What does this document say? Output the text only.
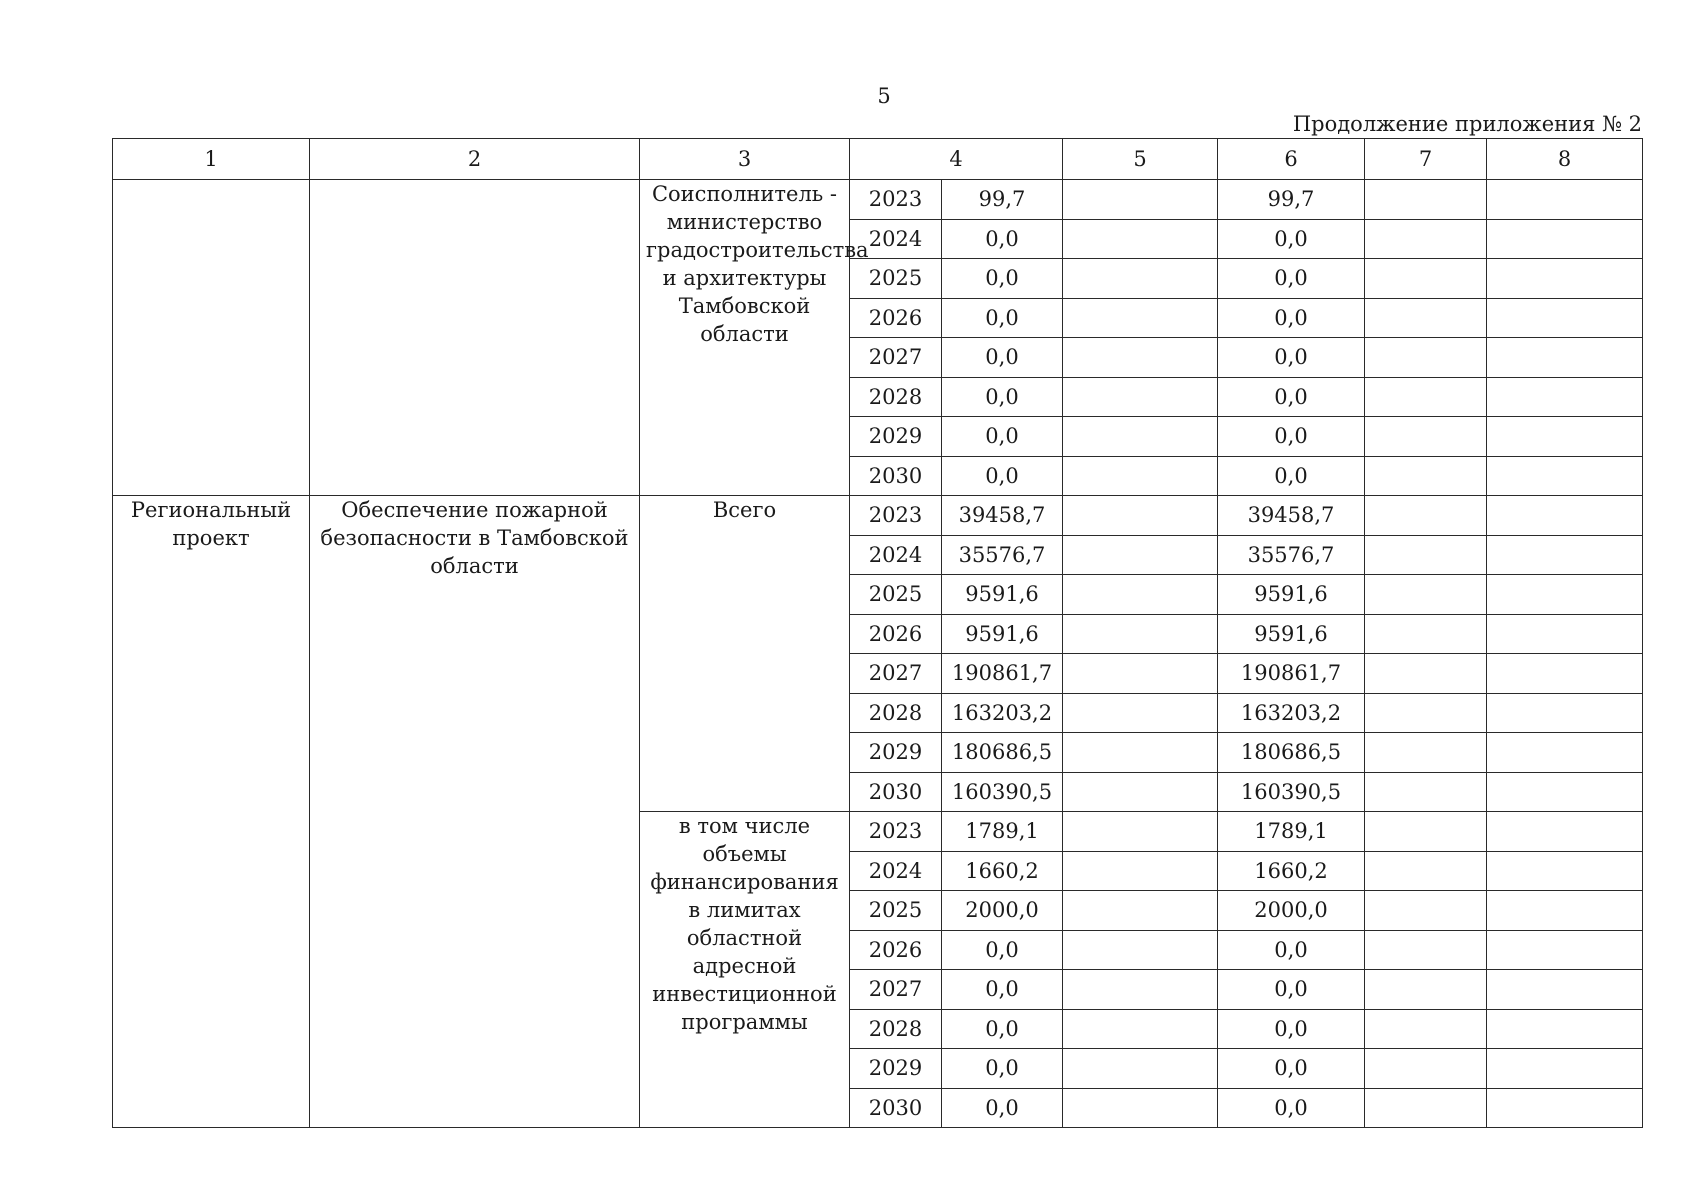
5
Продолжение приложения № 2
1	2	3	4		5	6	7	8
		Соисполнитель - министерство градостроительства и архитектуры Тамбовской области	2023	99,7		99,7		
			2024	0,0		0,0		
			2025	0,0		0,0		
			2026	0,0		0,0		
			2027	0,0		0,0		
			2028	0,0		0,0		
			2029	0,0		0,0		
			2030	0,0		0,0		
Региональный проект	Обеспечение пожарной безопасности в Тамбовской области	Всего	2023	39458,7		39458,7		
			2024	35576,7		35576,7		
			2025	9591,6		9591,6		
			2026	9591,6		9591,6		
			2027	190861,7		190861,7		
			2028	163203,2		163203,2		
			2029	180686,5		180686,5		
			2030	160390,5		160390,5		
		в том числе объемы финансирования в лимитах областной адресной инвестиционной программы	2023	1789,1		1789,1		
			2024	1660,2		1660,2		
			2025	2000,0		2000,0		
			2026	0,0		0,0		
			2027	0,0		0,0		
			2028	0,0		0,0		
			2029	0,0		0,0		
			2030	0,0		0,0		
